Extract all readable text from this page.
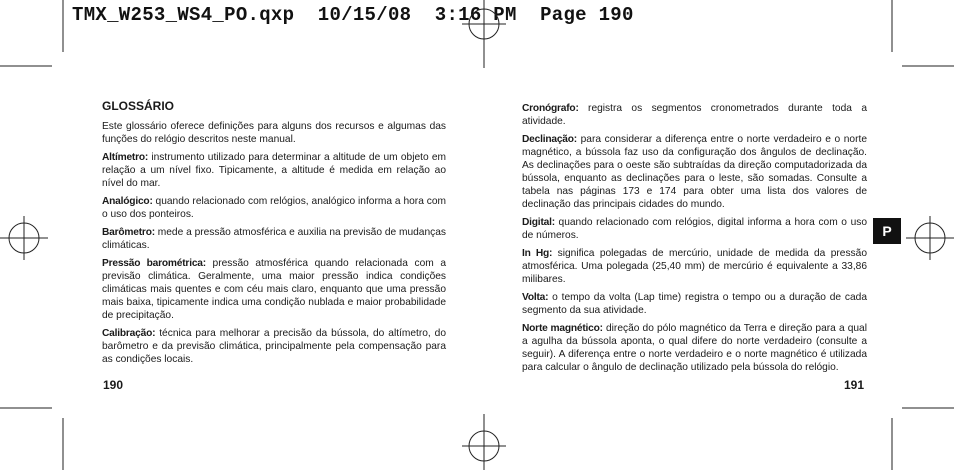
TMX_W253_WS4_PO.qxp  10/15/08  3:16 PM  Page 190
GLOSSÁRIO

Este glossário oferece definições para alguns dos recursos e algumas das funções do relógio descritos neste manual.

Altímetro: instrumento utilizado para determinar a altitude de um objeto em relação a um nível fixo. Tipicamente, a altitude é medida em relação ao nível do mar.

Analógico: quando relacionado com relógios, analógico informa a hora com o uso dos ponteiros.

Barômetro: mede a pressão atmosférica e auxilia na previsão de mudanças climáticas.

Pressão barométrica: pressão atmosférica quando relacionada com a previsão climática. Geralmente, uma maior pressão indica condições climáticas mais quentes e com céu mais claro, enquanto que uma pressão mais baixa, tipicamente indica uma condição nublada e maior probabilidade de precipitação.

Calibração: técnica para melhorar a precisão da bússola, do altímetro, do barômetro e da previsão climática, principalmente pela compensação para as condições locais.

Cronógrafo: registra os segmentos cronometrados durante toda a atividade.

Declinação: para considerar a diferença entre o norte verdadeiro e o norte magnético, a bússola faz uso da configuração dos ângulos de declinação. As declinações para o oeste são subtraídas da direção computadorizada da bússola, enquanto as declinações para o leste, são somadas. Consulte a tabela nas páginas 173 e 174 para obter uma lista dos valores de declinação das principais cidades do mundo.

Digital: quando relacionado com relógios, digital informa a hora com o uso de números.

In Hg: significa polegadas de mercúrio, unidade de medida da pressão atmosférica. Uma polegada (25,40 mm) de mercúrio é equivalente a 33,86 milibares.

Volta: o tempo da volta (Lap time) registra o tempo ou a duração de cada segmento da sua atividade.

Norte magnético: direção do pólo magnético da Terra e direção para a qual a agulha da bússola aponta, o qual difere do norte verdadeiro (consulte a seguir). A diferença entre o norte verdadeiro e o norte magnético é utilizada para calcular o ângulo de declinação utilizado pela bússola do relógio.

190	191
P
